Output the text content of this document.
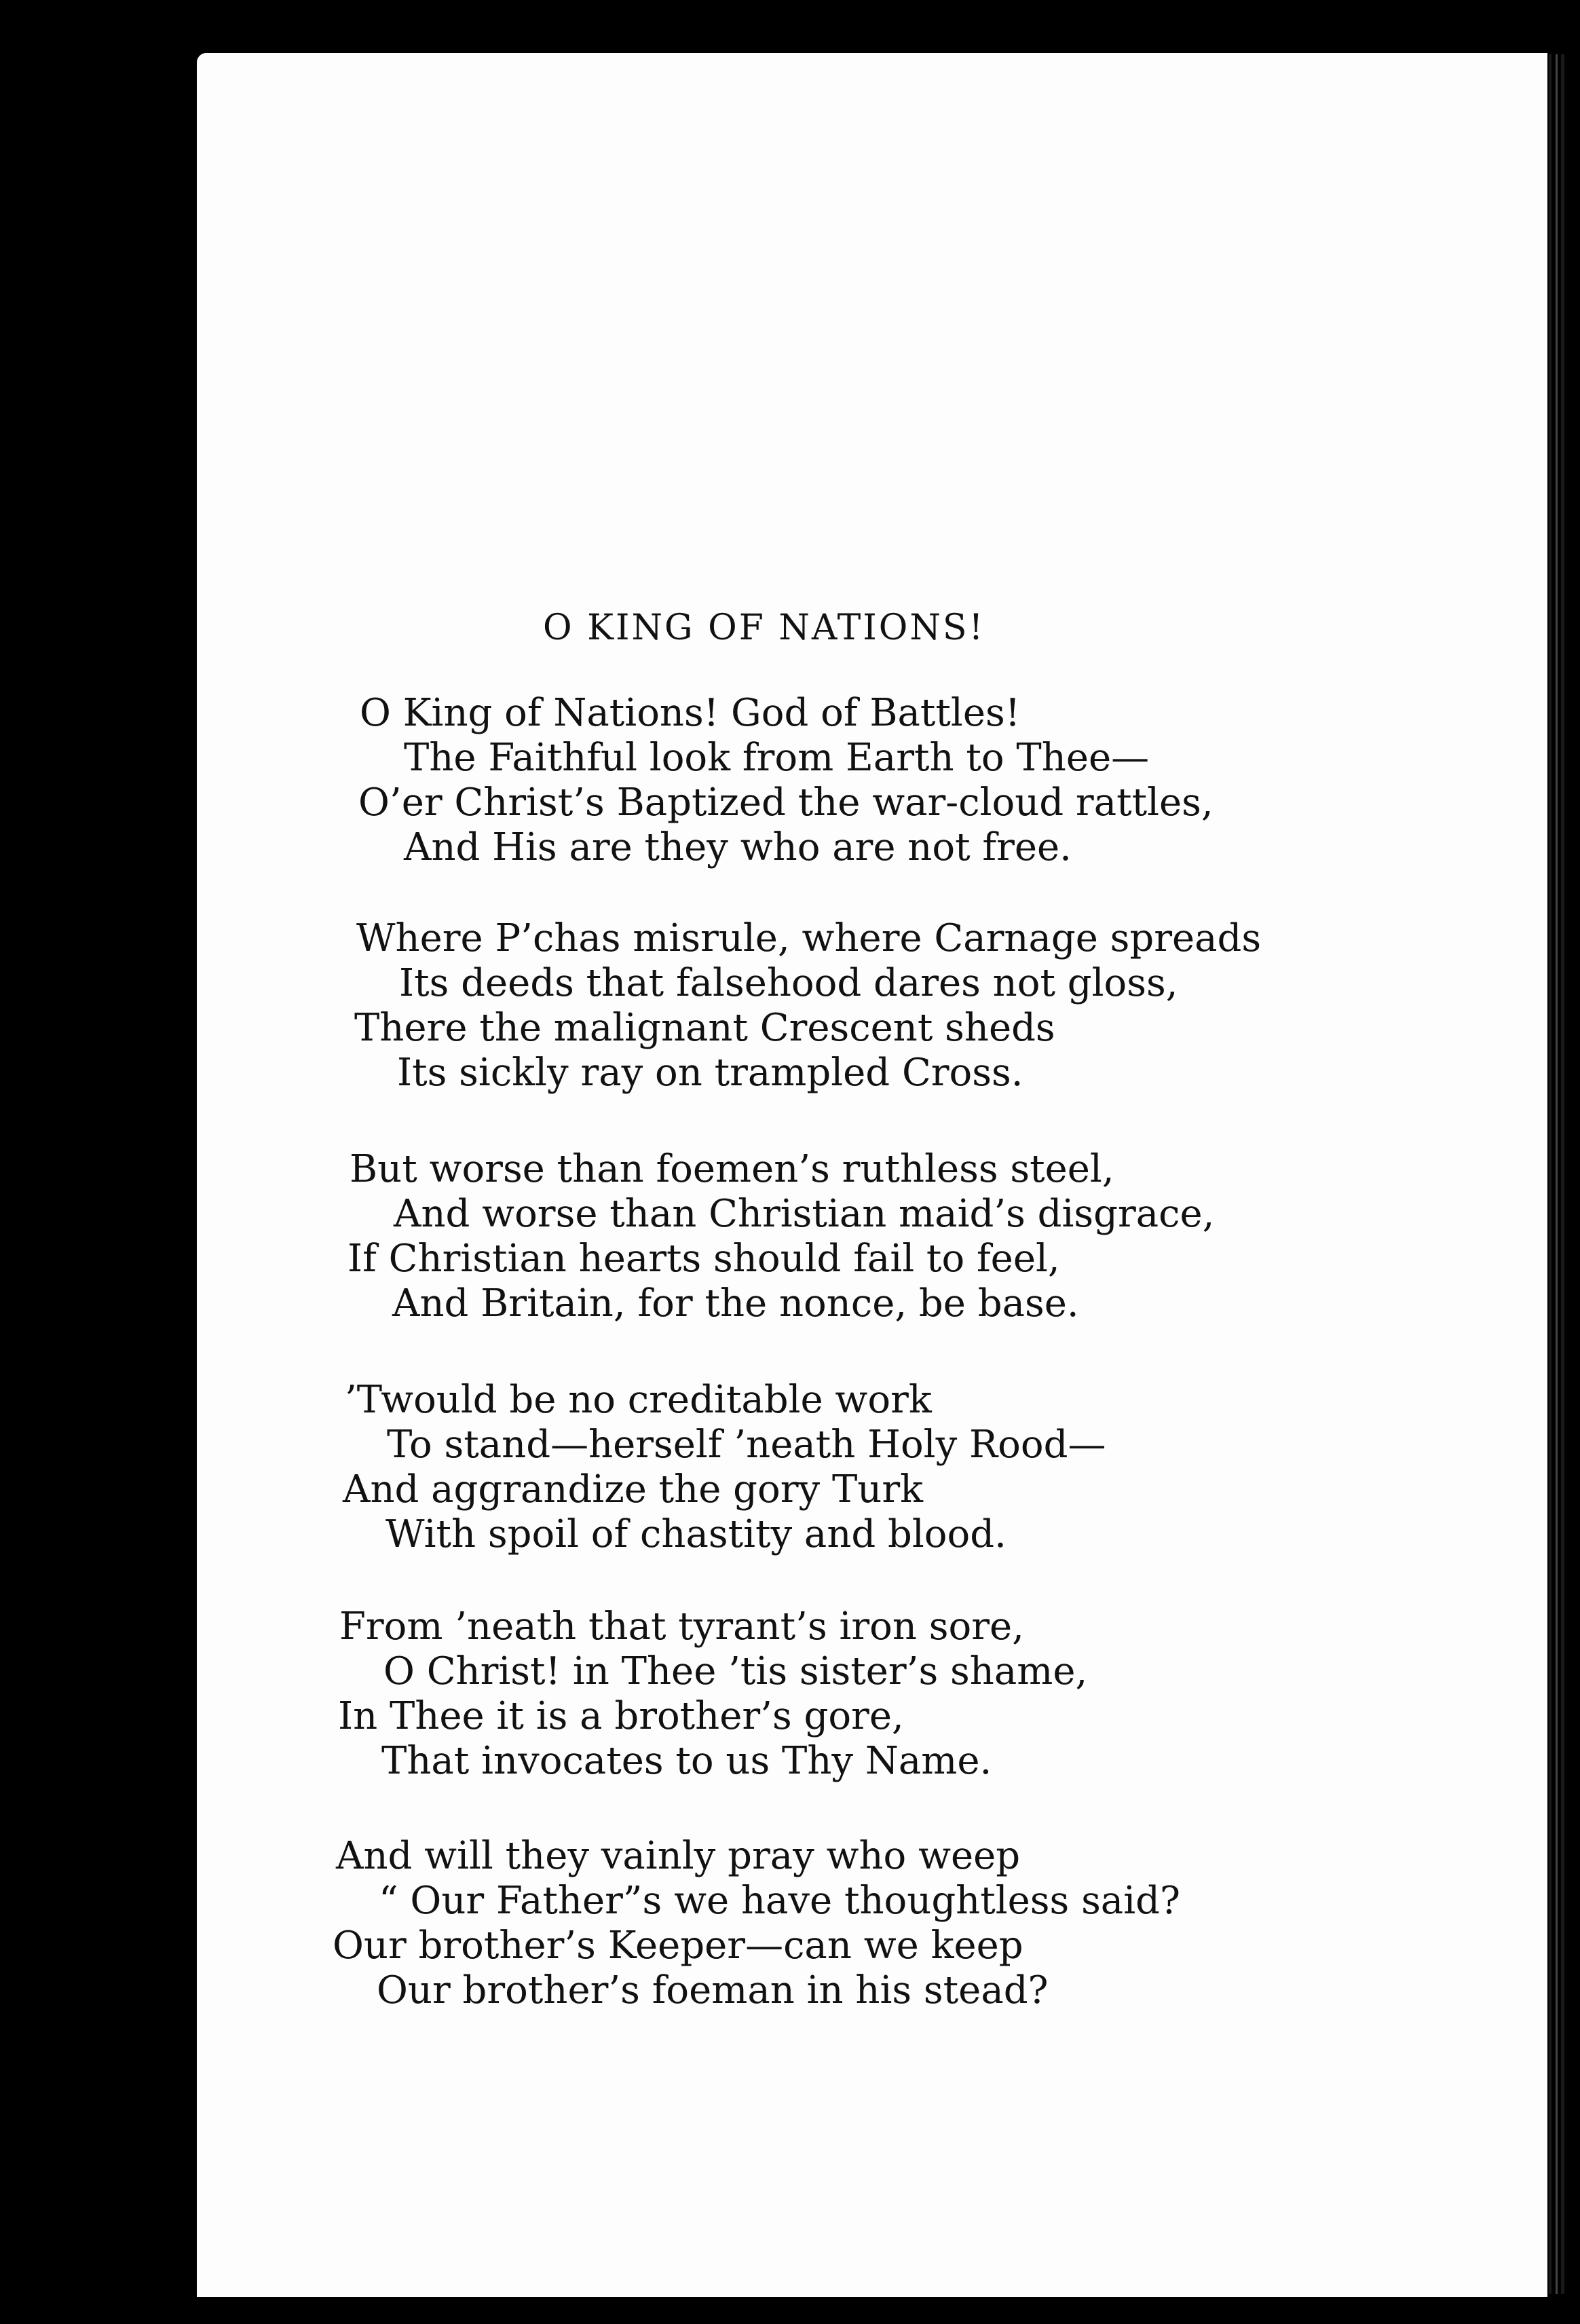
O KING OF NATIONS!
O King of Nations! God of Battles!
The Faithful look from Earth to Thee—
O’er Christ’s Baptized the war-cloud rattles,
And His are they who are not free.
Where P’chas misrule, where Carnage spreads
Its deeds that falsehood dares not gloss,
There the malignant Crescent sheds
Its sickly ray on trampled Cross.
But worse than foemen’s ruthless steel,
And worse than Christian maid’s disgrace,
If Christian hearts should fail to feel,
And Britain, for the nonce, be base.
’Twould be no creditable work
To stand—herself ’neath Holy Rood—
And aggrandize the gory Turk
With spoil of chastity and blood.
From ’neath that tyrant’s iron sore,
O Christ! in Thee ’tis sister’s shame,
In Thee it is a brother’s gore,
That invocates to us Thy Name.
And will they vainly pray who weep
“ Our Father”s we have thoughtless said?
Our brother’s Keeper—can we keep
Our brother’s foeman in his stead?
